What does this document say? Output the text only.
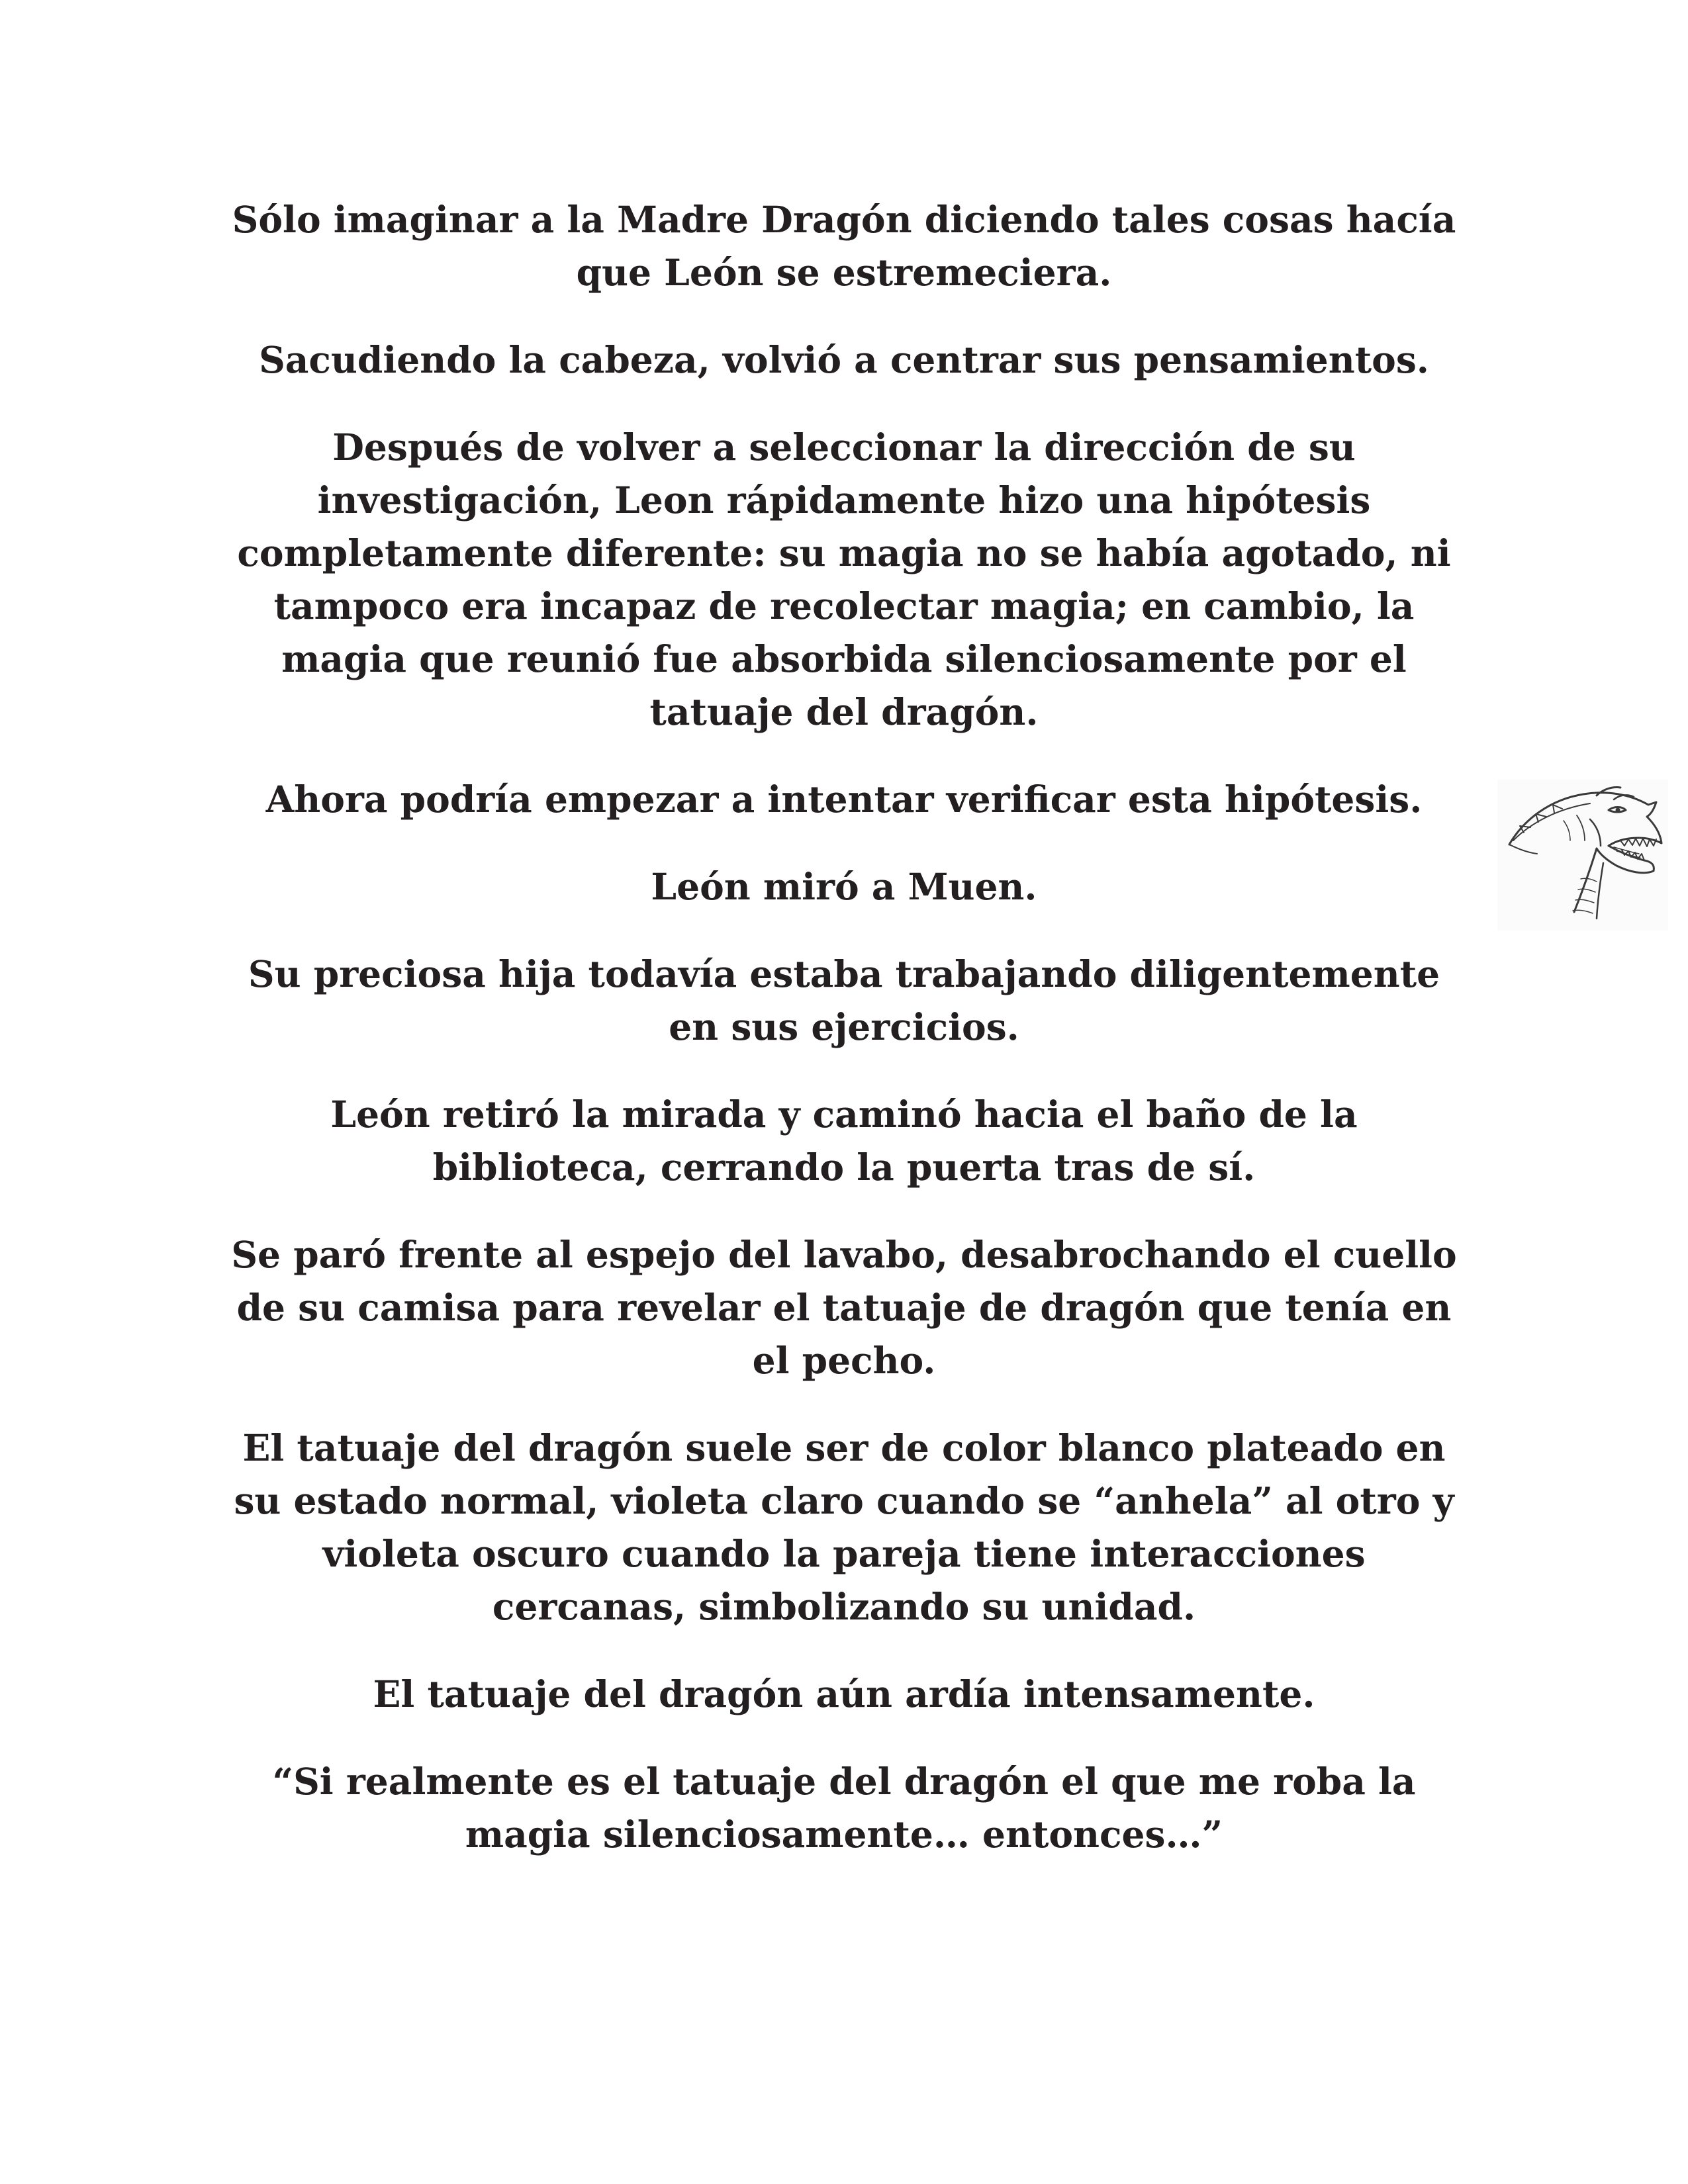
Sólo imaginar a la Madre Dragón diciendo tales cosas hacía que León se estremeciera.

Sacudiendo la cabeza, volvió a centrar sus pensamientos.

Después de volver a seleccionar la dirección de su investigación, Leon rápidamente hizo una hipótesis completamente diferente: su magia no se había agotado, ni tampoco era incapaz de recolectar magia; en cambio, la magia que reunió fue absorbida silenciosamente por el tatuaje del dragón.

Ahora podría empezar a intentar verificar esta hipótesis.

León miró a Muen.

Su preciosa hija todavía estaba trabajando diligentemente en sus ejercicios.

León retiró la mirada y caminó hacia el baño de la biblioteca, cerrando la puerta tras de sí.

Se paró frente al espejo del lavabo, desabrochando el cuello de su camisa para revelar el tatuaje de dragón que tenía en el pecho.

El tatuaje del dragón suele ser de color blanco plateado en su estado normal, violeta claro cuando se “anhela” al otro y violeta oscuro cuando la pareja tiene interacciones cercanas, simbolizando su unidad.

El tatuaje del dragón aún ardía intensamente.

“Si realmente es el tatuaje del dragón el que me roba la magia silenciosamente… entonces…”
